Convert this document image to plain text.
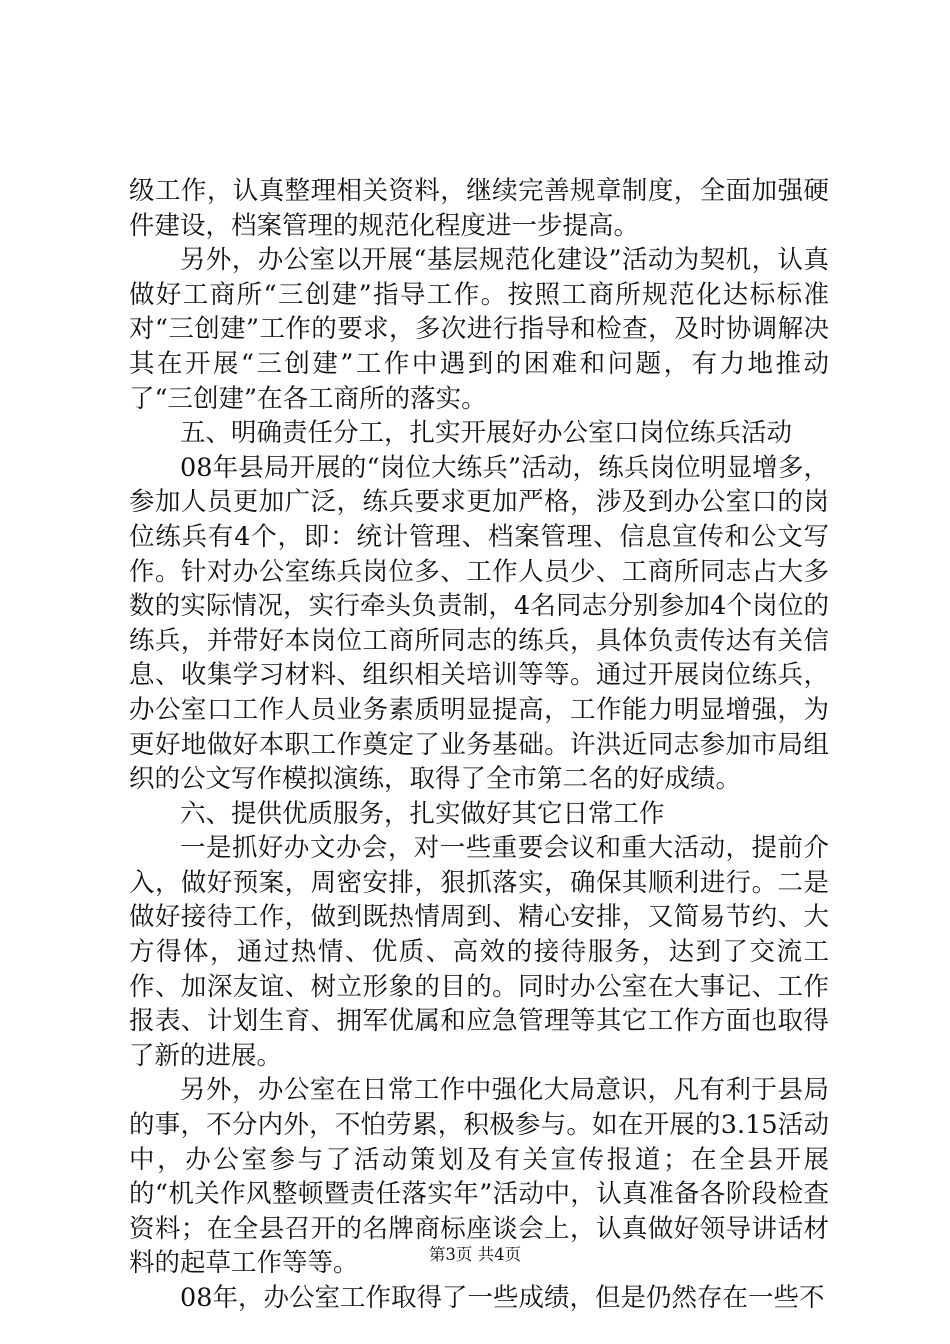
级工作，认真整理相关资料，继续完善规章制度，全面加强硬件建设，档案管理的规范化程度进一步提高。

另外，办公室以开展“基层规范化建设”活动为契机，认真做好工商所“三创建”指导工作。按照工商所规范化达标标准对“三创建”工作的要求，多次进行指导和检查，及时协调解决其在开展“三创建”工作中遇到的困难和问题，有力地推动了“三创建”在各工商所的落实。

五、明确责任分工，扎实开展好办公室口岗位练兵活动

08年县局开展的“岗位大练兵”活动，练兵岗位明显增多，参加人员更加广泛，练兵要求更加严格，涉及到办公室口的岗位练兵有4个，即：统计管理、档案管理、信息宣传和公文写作。针对办公室练兵岗位多、工作人员少、工商所同志占大多数的实际情况，实行牵头负责制，4名同志分别参加4个岗位的练兵，并带好本岗位工商所同志的练兵，具体负责传达有关信息、收集学习材料、组织相关培训等等。通过开展岗位练兵，办公室口工作人员业务素质明显提高，工作能力明显增强，为更好地做好本职工作奠定了业务基础。许洪近同志参加市局组织的公文写作模拟演练，取得了全市第二名的好成绩。

六、提供优质服务，扎实做好其它日常工作

一是抓好办文办会，对一些重要会议和重大活动，提前介入，做好预案，周密安排，狠抓落实，确保其顺利进行。二是做好接待工作，做到既热情周到、精心安排，又简易节约、大方得体，通过热情、优质、高效的接待服务，达到了交流工作、加深友谊、树立形象的目的。同时办公室在大事记、工作报表、计划生育、拥军优属和应急管理等其它工作方面也取得了新的进展。

另外，办公室在日常工作中强化大局意识，凡有利于县局的事，不分内外，不怕劳累，积极参与。如在开展的3.15活动中，办公室参与了活动策划及有关宣传报道；在全县开展的“机关作风整顿暨责任落实年”活动中，认真准备各阶段检查资料；在全县召开的名牌商标座谈会上，认真做好领导讲话材料的起草工作等等。

08年，办公室工作取得了一些成绩，但是仍然存在一些不

第3页 共4页
